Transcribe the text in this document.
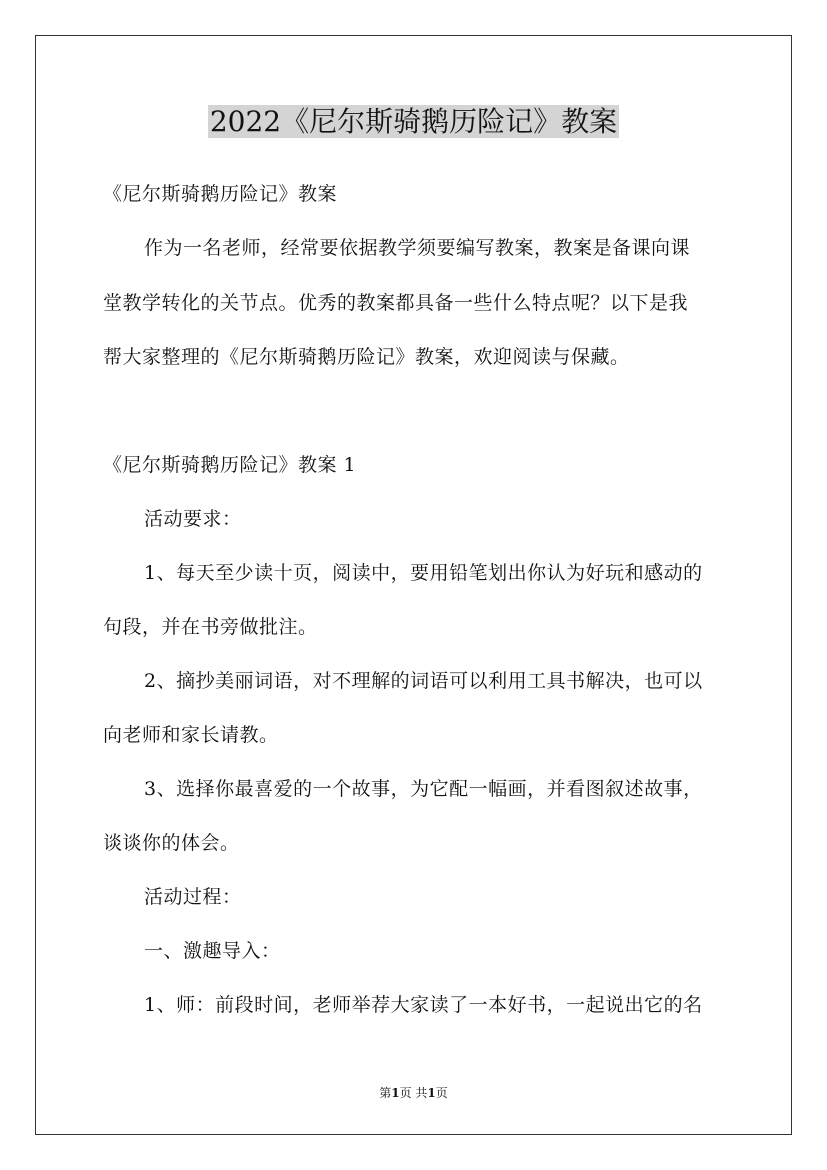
2022《尼尔斯骑鹅历险记》教案
《尼尔斯骑鹅历险记》教案
作为一名老师，经常要依据教学须要编写教案，教案是备课向课
堂教学转化的关节点。优秀的教案都具备一些什么特点呢？以下是我
帮大家整理的《尼尔斯骑鹅历险记》教案，欢迎阅读与保藏。
《尼尔斯骑鹅历险记》教案 1
活动要求：
1、每天至少读十页，阅读中，要用铅笔划出你认为好玩和感动的
句段，并在书旁做批注。
2、摘抄美丽词语，对不理解的词语可以利用工具书解决，也可以
向老师和家长请教。
3、选择你最喜爱的一个故事，为它配一幅画，并看图叙述故事，
谈谈你的体会。
活动过程：
一、激趣导入：
1、师：前段时间，老师举荐大家读了一本好书，一起说出它的名
第1页 共1页
